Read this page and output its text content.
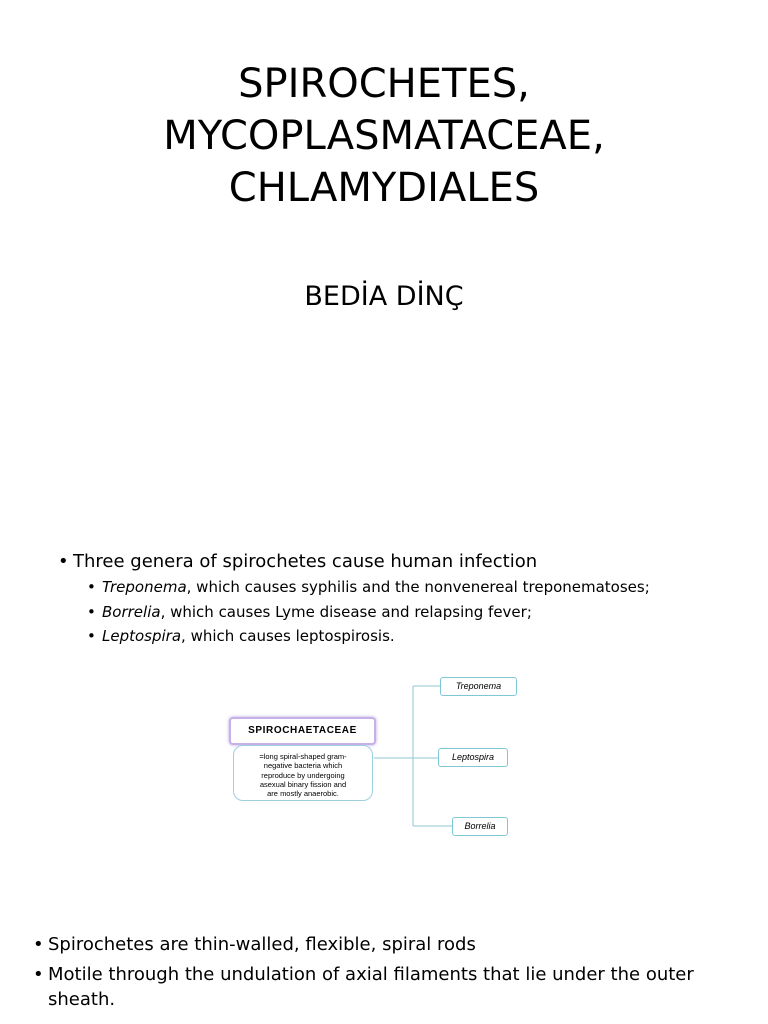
SPIROCHETES,
MYCOPLASMATACEAE,
CHLAMYDIALES
BEDİA DİNÇ
• Three genera of spirochetes cause human infection
• Treponema, which causes syphilis and the nonvenereal treponematoses;
• Borrelia, which causes Lyme disease and relapsing fever;
• Leptospira, which causes leptospirosis.
SPIROCHAETACEAE
=long spiral-shaped gram-
negative bacteria which
reproduce by undergoing
asexual binary fission and
are mostly anaerobic.
Treponema
Leptospira
Borrelia
• Spirochetes are thin-walled, flexible, spiral rods
• Motile through the undulation of axial filaments that lie under the outer sheath.
